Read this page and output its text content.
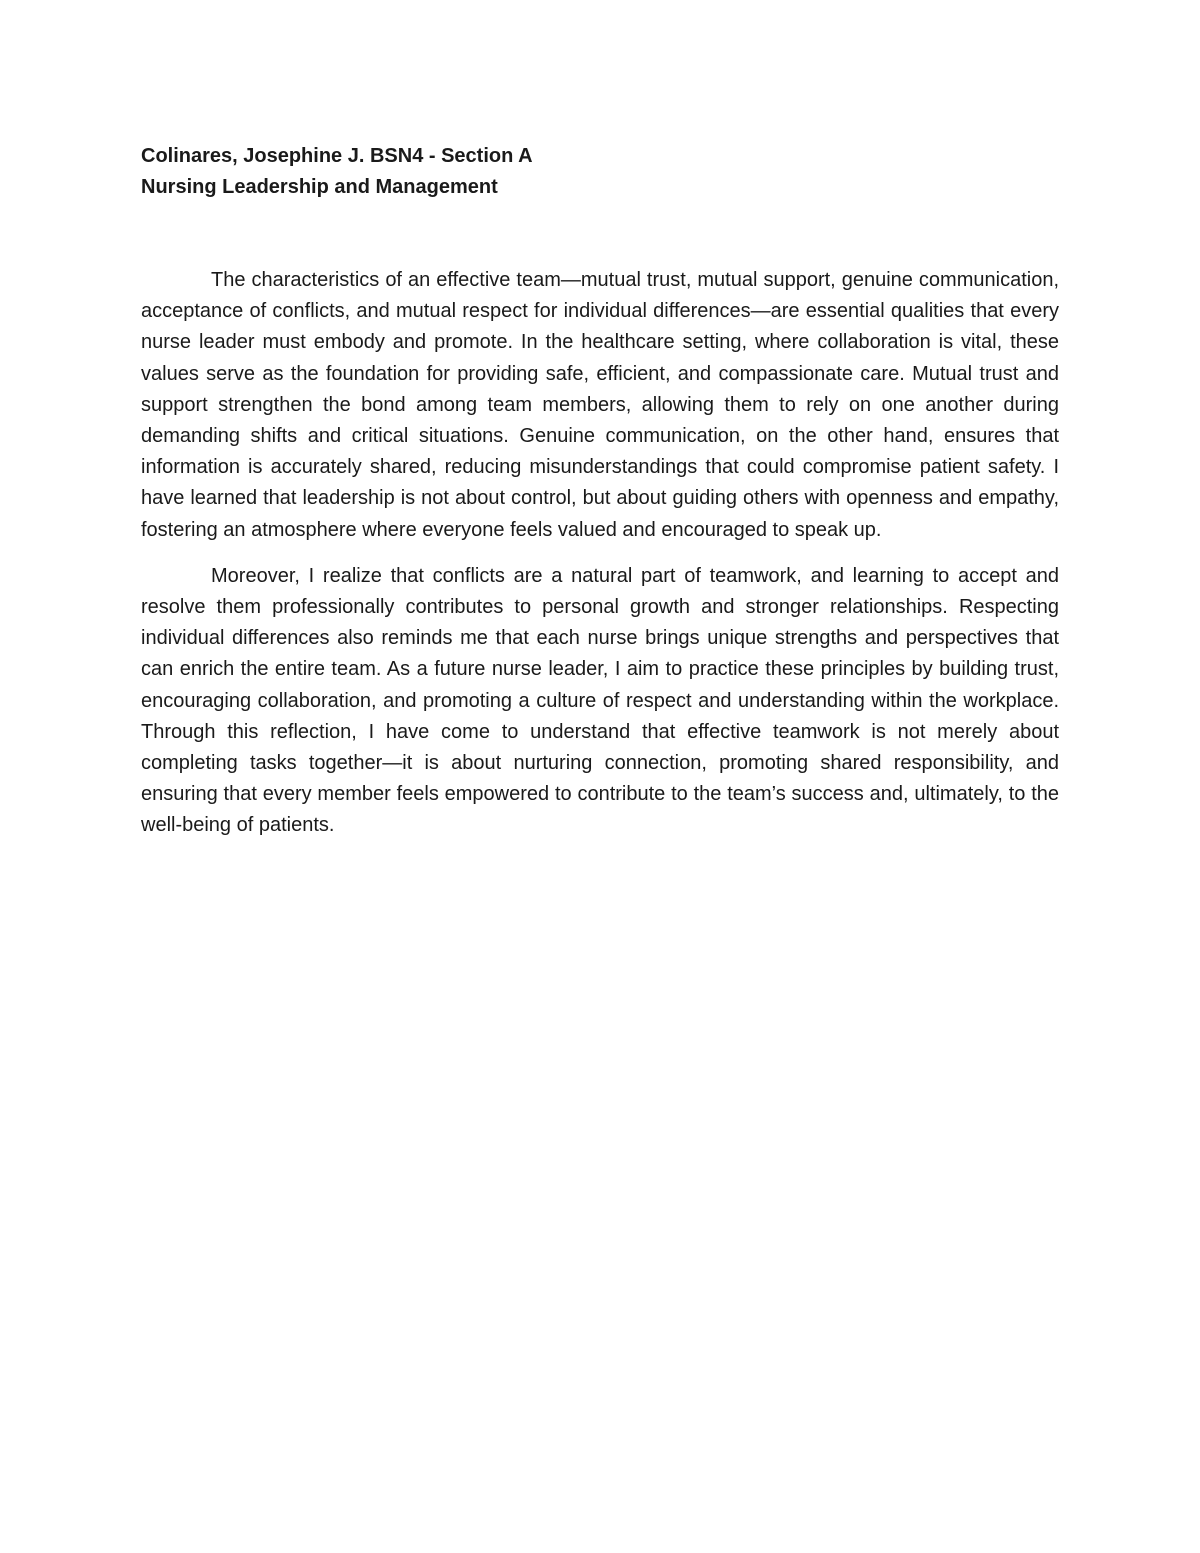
Colinares, Josephine J. BSN4 - Section A

Nursing Leadership and Management

The characteristics of an effective team—mutual trust, mutual support, genuine communication, acceptance of conflicts, and mutual respect for individual differences—are essential qualities that every nurse leader must embody and promote. In the healthcare setting, where collaboration is vital, these values serve as the foundation for providing safe, efficient, and compassionate care. Mutual trust and support strengthen the bond among team members, allowing them to rely on one another during demanding shifts and critical situations. Genuine communication, on the other hand, ensures that information is accurately shared, reducing misunderstandings that could compromise patient safety. I have learned that leadership is not about control, but about guiding others with openness and empathy, fostering an atmosphere where everyone feels valued and encouraged to speak up.

Moreover, I realize that conflicts are a natural part of teamwork, and learning to accept and resolve them professionally contributes to personal growth and stronger relationships. Respecting individual differences also reminds me that each nurse brings unique strengths and perspectives that can enrich the entire team. As a future nurse leader, I aim to practice these principles by building trust, encouraging collaboration, and promoting a culture of respect and understanding within the workplace. Through this reflection, I have come to understand that effective teamwork is not merely about completing tasks together—it is about nurturing connection, promoting shared responsibility, and ensuring that every member feels empowered to contribute to the team’s success and, ultimately, to the well-being of patients.
